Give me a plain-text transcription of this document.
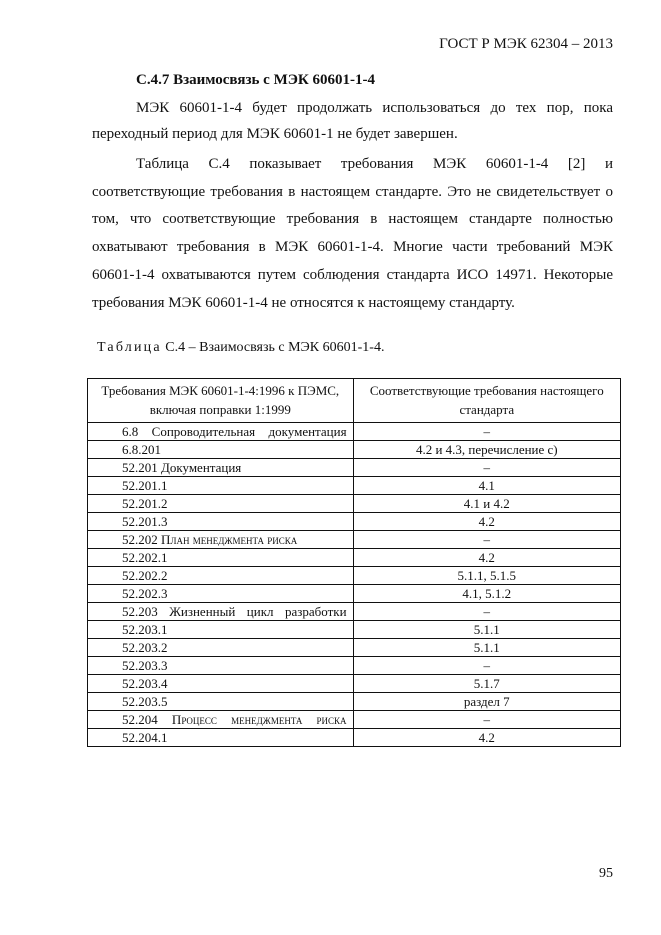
ГОСТ Р МЭК 62304 – 2013
С.4.7 Взаимосвязь с МЭК 60601-1-4

МЭК 60601-1-4 будет продолжать использоваться до тех пор, пока переходный период для МЭК 60601-1 не будет завершен.

Таблица С.4 показывает требования МЭК 60601-1-4 [2] и соответствующие требования в настоящем стандарте. Это не свидетельствует о том, что соответствующие требования в настоящем стандарте полностью охватывают требования в МЭК 60601-1-4. Многие части требований МЭК 60601-1-4 охватываются путем соблюдения стандарта ИСО 14971. Некоторые требования МЭК 60601-1-4 не относятся к настоящему стандарту.

Таблица С.4 – Взаимосвязь с МЭК 60601-1-4.
Требования МЭК 60601-1-4:1996 к ПЭМС, включая поправки 1:1999	Соответствующие требования настоящего стандарта

6.8 Сопроводительная документация	–
6.8.201	4.2 и 4.3, перечисление с)
52.201 Документация	–
52.201.1	4.1
52.201.2	4.1 и 4.2
52.201.3	4.2
52.202 План менеджмента риска	–
52.202.1	4.2
52.202.2	5.1.1, 5.1.5
52.202.3	4.1, 5.1.2

52.203 Жизненный цикл разработки	–
52.203.1	5.1.1
52.203.2	5.1.1
52.203.3	–
52.203.4	5.1.7
52.203.5	раздел 7

52.204 Процесс менеджмента риска	–
52.204.1	4.2
95
